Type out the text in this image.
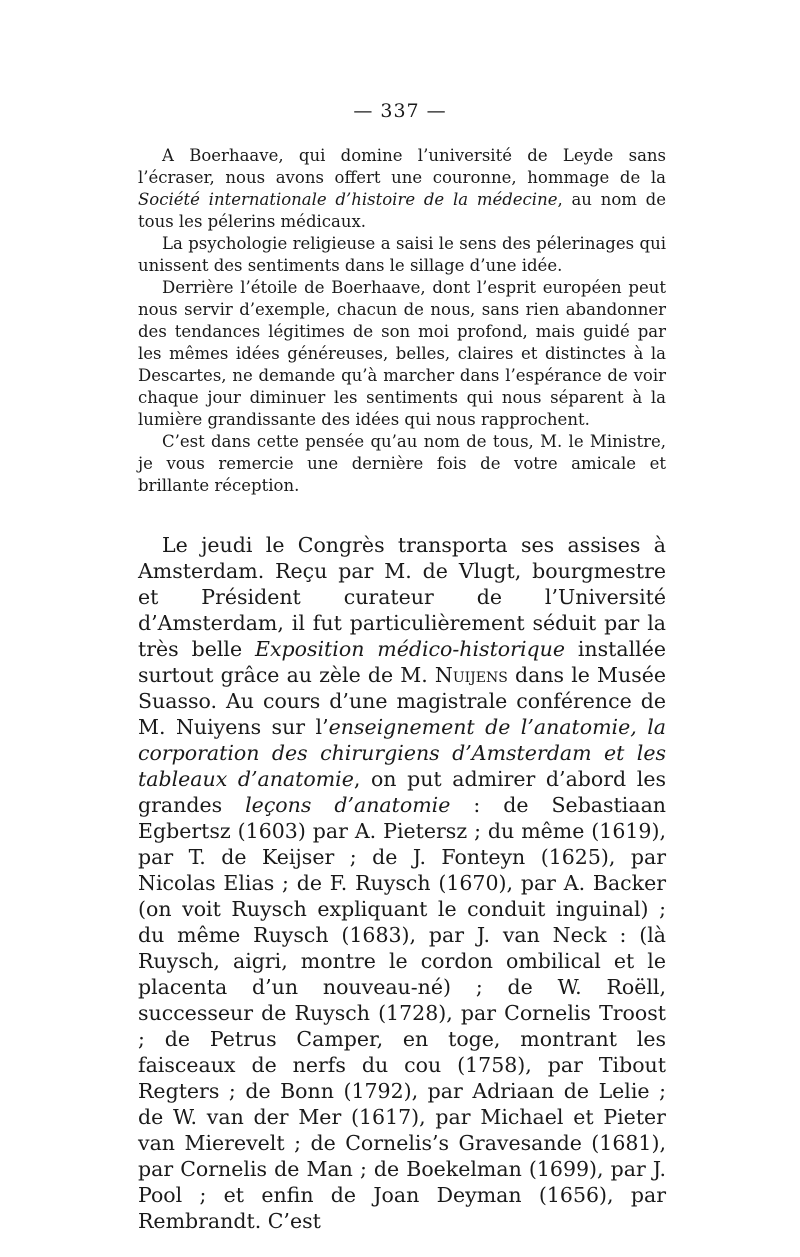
— 337 —

A Boerhaave, qui domine l’université de Leyde sans l’écraser, nous avons offert une couronne, hommage de la Société internationale d’histoire de la médecine, au nom de tous les pélerins médicaux.

La psychologie religieuse a saisi le sens des pélerinages qui unissent des sentiments dans le sillage d’une idée.

Derrière l’étoile de Boerhaave, dont l’esprit européen peut nous servir d’exemple, chacun de nous, sans rien abandonner des tendances légitimes de son moi profond, mais guidé par les mêmes idées généreuses, belles, claires et distinctes à la Descartes, ne demande qu’à marcher dans l’espérance de voir chaque jour diminuer les sentiments qui nous séparent à la lumière grandissante des idées qui nous rapprochent.

C’est dans cette pensée qu’au nom de tous, M. le Ministre, je vous remercie une dernière fois de votre amicale et brillante réception.

Le jeudi le Congrès transporta ses assises à Amsterdam. Reçu par M. de Vlugt, bourgmestre et Président curateur de l’Université d’Amsterdam, il fut particulièrement séduit par la très belle Exposition médico-historique installée surtout grâce au zèle de M. Nuijens dans le Musée Suasso. Au cours d’une magistrale conférence de M. Nuiyens sur l’enseignement de l’anatomie, la corporation des chirurgiens d’Amsterdam et les tableaux d’anatomie, on put admirer d’abord les grandes leçons d’anatomie : de Sebastiaan Egbertsz (1603) par A. Pietersz ; du même (1619), par T. de Keijser ; de J. Fonteyn (1625), par Nicolas Elias ; de F. Ruysch (1670), par A. Backer (on voit Ruysch expliquant le conduit inguinal) ; du même Ruysch (1683), par J. van Neck : (là Ruysch, aigri, montre le cordon ombilical et le placenta d’un nouveau-né) ; de W. Roëll, successeur de Ruysch (1728), par Cornelis Troost ; de Petrus Camper, en toge, montrant les faisceaux de nerfs du cou (1758), par Tibout Regters ; de Bonn (1792), par Adriaan de Lelie ; de W. van der Mer (1617), par Michael et Pieter van Mierevelt ; de Cornelis’s Gravesande (1681), par Cornelis de Man ; de Boekelman (1699), par J. Pool ; et enfin de Joan Deyman (1656), par Rembrandt. C’est
